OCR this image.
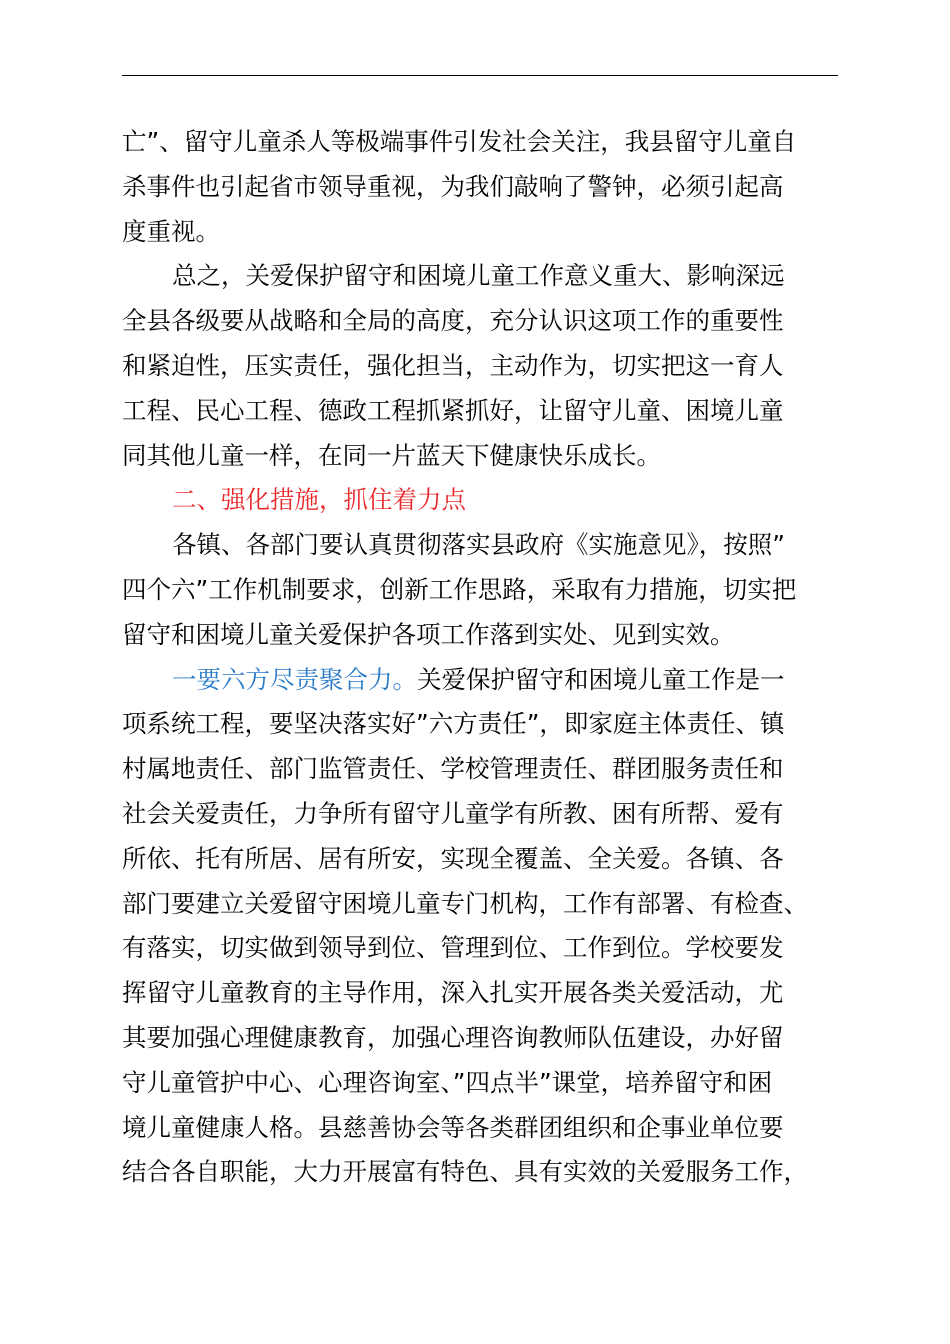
亡”、留守儿童杀人等极端事件引发社会关注，我县留守儿童自
杀事件也引起省市领导重视，为我们敲响了警钟，必须引起高
度重视。
总之，关爱保护留守和困境儿童工作意义重大、影响深远
全县各级要从战略和全局的高度，充分认识这项工作的重要性
和紧迫性，压实责任，强化担当，主动作为，切实把这一育人
工程、民心工程、德政工程抓紧抓好，让留守儿童、困境儿童
同其他儿童一样，在同一片蓝天下健康快乐成长。
二、强化措施，抓住着力点
各镇、各部门要认真贯彻落实县政府《实施意见》，按照”
四个六”工作机制要求，创新工作思路，采取有力措施，切实把
留守和困境儿童关爱保护各项工作落到实处、见到实效。
一要六方尽责聚合力。关爱保护留守和困境儿童工作是一
项系统工程，要坚决落实好”六方责任”，即家庭主体责任、镇
村属地责任、部门监管责任、学校管理责任、群团服务责任和
社会关爱责任，力争所有留守儿童学有所教、困有所帮、爱有
所依、托有所居、居有所安，实现全覆盖、全关爱。各镇、各
部门要建立关爱留守困境儿童专门机构，工作有部署、有检查、
有落实，切实做到领导到位、管理到位、工作到位。学校要发
挥留守儿童教育的主导作用，深入扎实开展各类关爱活动，尤
其要加强心理健康教育，加强心理咨询教师队伍建设，办好留
守儿童管护中心、心理咨询室、”四点半”课堂，培养留守和困
境儿童健康人格。县慈善协会等各类群团组织和企事业单位要
结合各自职能，大力开展富有特色、具有实效的关爱服务工作，
